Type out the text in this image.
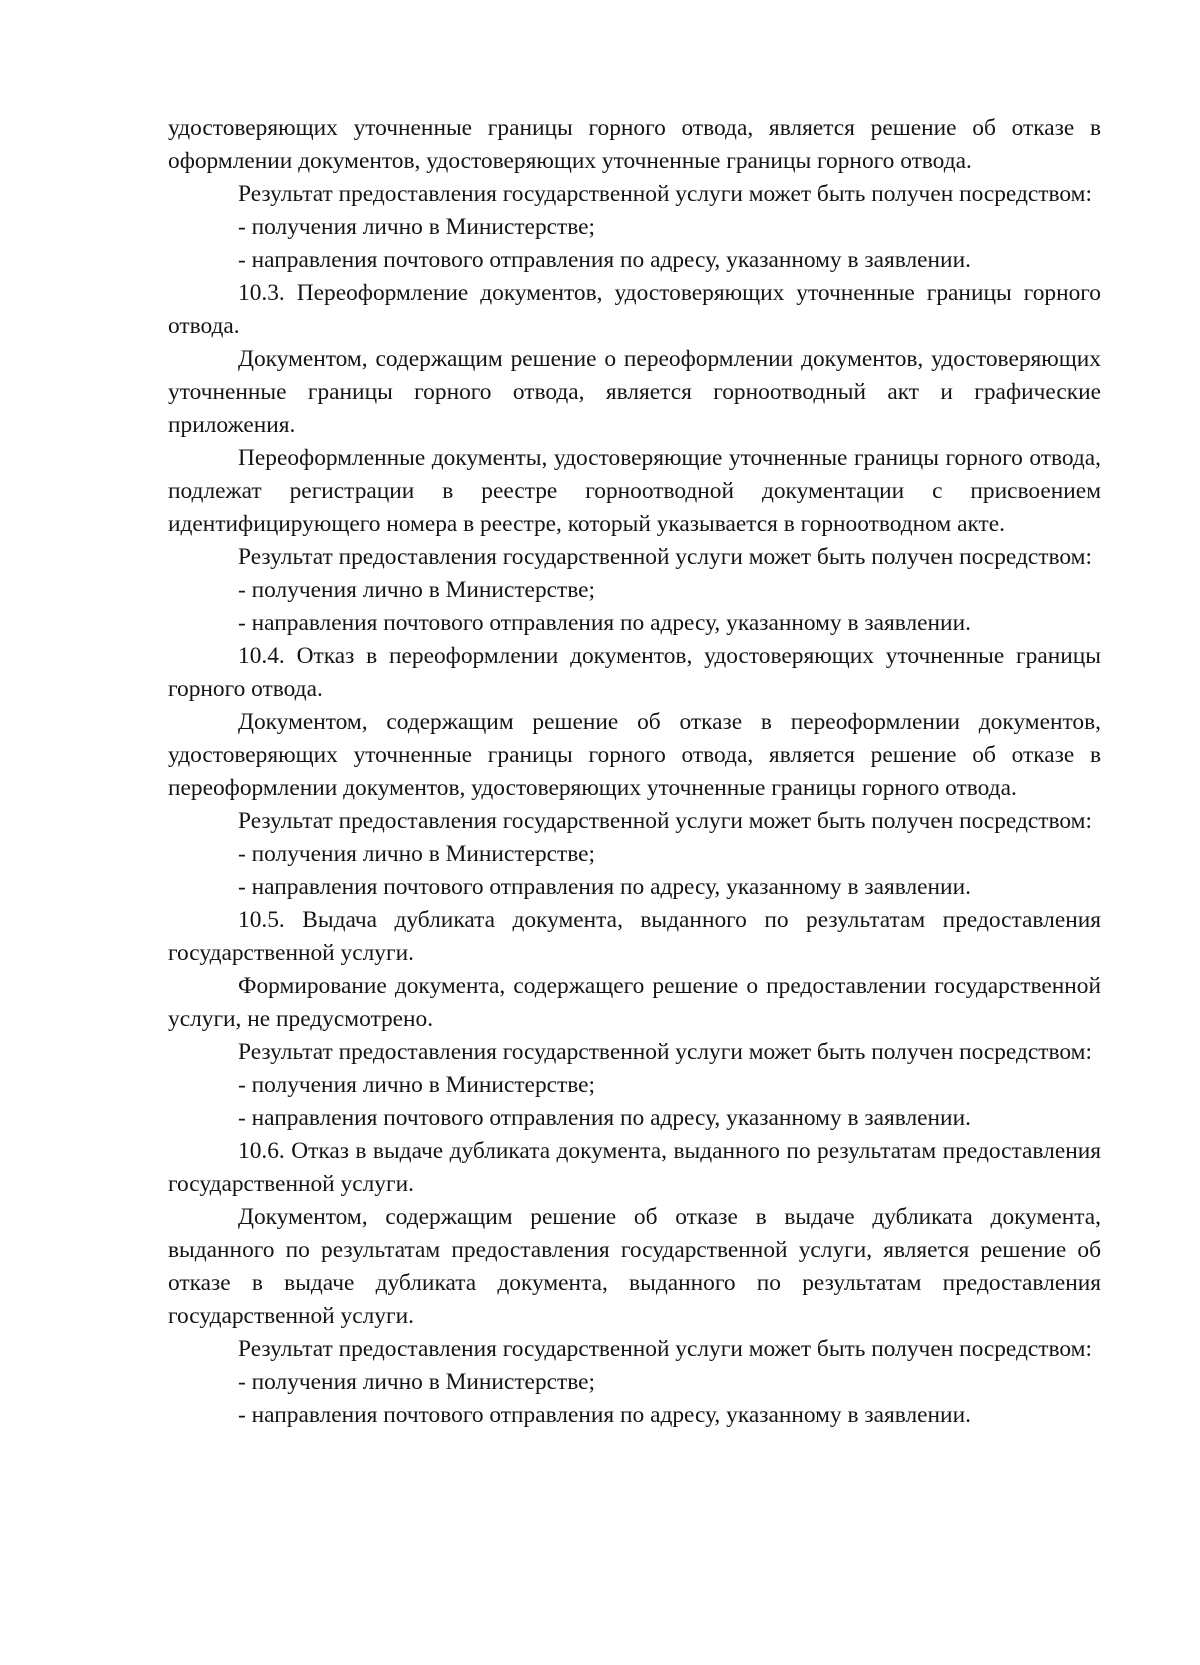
удостоверяющих уточненные границы горного отвода, является решение об отказе в оформлении документов, удостоверяющих уточненные границы горного отвода.

Результат предоставления государственной услуги может быть получен посредством:

- получения лично в Министерстве;

- направления почтового отправления по адресу, указанному в заявлении.

10.3. Переоформление документов, удостоверяющих уточненные границы горного отвода.

Документом, содержащим решение о переоформлении документов, удостоверяющих уточненные границы горного отвода, является горноотводный акт и графические приложения.

Переоформленные документы, удостоверяющие уточненные границы горного отвода, подлежат регистрации в реестре горноотводной документации с присвоением идентифицирующего номера в реестре, который указывается в горноотводном акте.

Результат предоставления государственной услуги может быть получен посредством:

- получения лично в Министерстве;

- направления почтового отправления по адресу, указанному в заявлении.

10.4. Отказ в переоформлении документов, удостоверяющих уточненные границы горного отвода.

Документом, содержащим решение об отказе в переоформлении документов, удостоверяющих уточненные границы горного отвода, является решение об отказе в переоформлении документов, удостоверяющих уточненные границы горного отвода.

Результат предоставления государственной услуги может быть получен посредством:

- получения лично в Министерстве;

- направления почтового отправления по адресу, указанному в заявлении.

10.5. Выдача дубликата документа, выданного по результатам предоставления государственной услуги.

Формирование документа, содержащего решение о предоставлении государственной услуги, не предусмотрено.

Результат предоставления государственной услуги может быть получен посредством:

- получения лично в Министерстве;

- направления почтового отправления по адресу, указанному в заявлении.

10.6. Отказ в выдаче дубликата документа, выданного по результатам предоставления государственной услуги.

Документом, содержащим решение об отказе в выдаче дубликата документа, выданного по результатам предоставления государственной услуги, является решение об отказе в выдаче дубликата документа, выданного по результатам предоставления государственной услуги.

Результат предоставления государственной услуги может быть получен посредством:

- получения лично в Министерстве;

- направления почтового отправления по адресу, указанному в заявлении.
